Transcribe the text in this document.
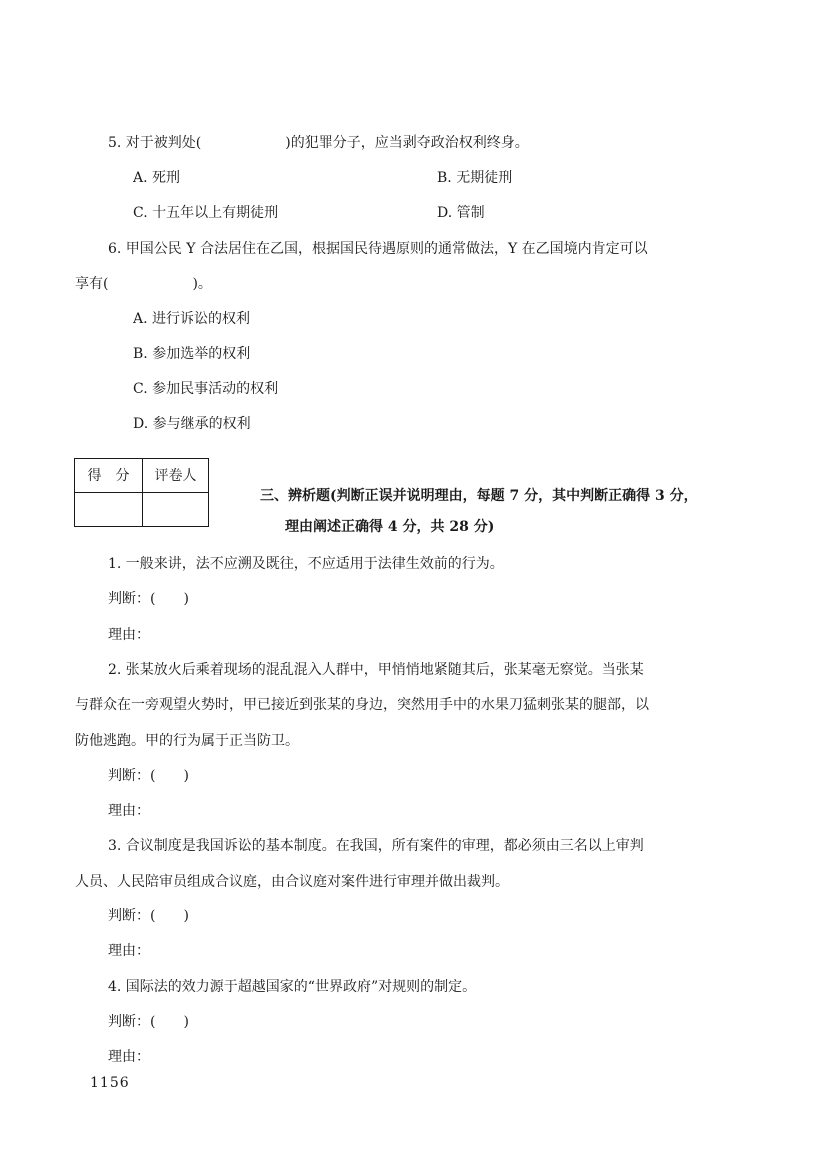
5. 对于被判处(　　　　　　)的犯罪分子，应当剥夺政治权利终身。
A. 死刑	B. 无期徒刑
C. 十五年以上有期徒刑	D. 管制
6. 甲国公民 Y 合法居住在乙国，根据国民待遇原则的通常做法，Y 在乙国境内肯定可以
享有(　　　　　　)。
A. 进行诉讼的权利
B. 参加选举的权利
C. 参加民事活动的权利
D. 参与继承的权利
得　分	评卷人

三、辨析题(判断正误并说明理由，每题 7 分，其中判断正确得 3 分，
理由阐述正确得 4 分，共 28 分)
1. 一般来讲，法不应溯及既往，不应适用于法律生效前的行为。
判断：(　　)
理由：
2. 张某放火后乘着现场的混乱混入人群中，甲悄悄地紧随其后，张某毫无察觉。当张某
与群众在一旁观望火势时，甲已接近到张某的身边，突然用手中的水果刀猛刺张某的腿部，以
防他逃跑。甲的行为属于正当防卫。
判断：(　　)
理由：
3. 合议制度是我国诉讼的基本制度。在我国，所有案件的审理，都必须由三名以上审判
人员、人民陪审员组成合议庭，由合议庭对案件进行审理并做出裁判。
判断：(　　)
理由：
4. 国际法的效力源于超越国家的“世界政府”对规则的制定。
判断：(　　)
理由：
1156
